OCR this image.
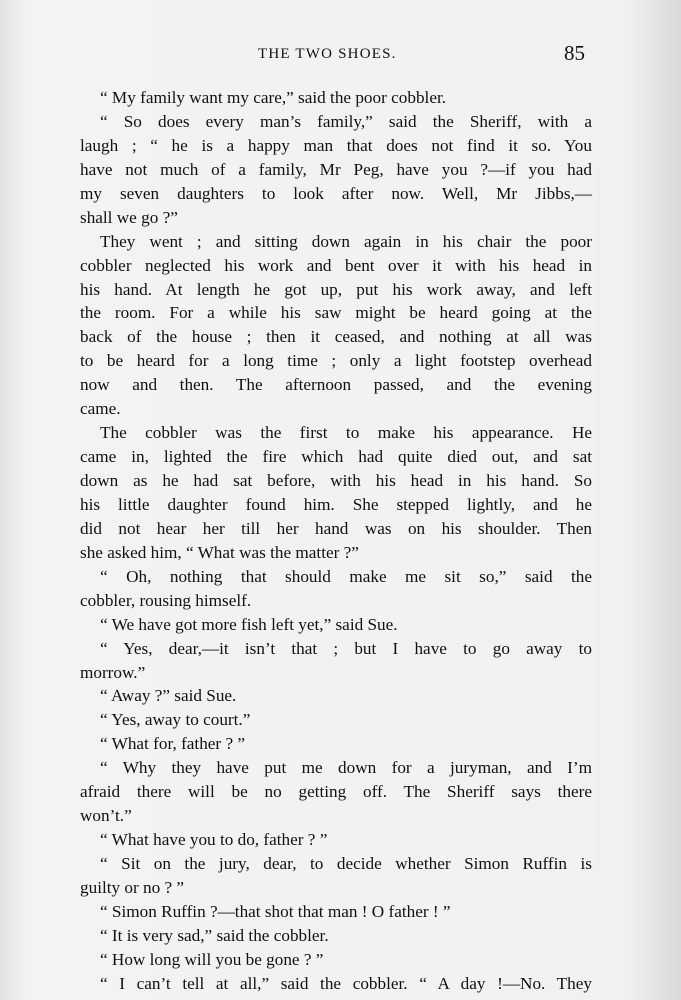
THE TWO SHOES.	85
“ My family want my care,” said the poor cobbler.
“ So does every man’s family,” said the Sheriff, with a
laugh ; “ he is a happy man that does not find it so. You
have not much of a family, Mr Peg, have you ?—if you had
my seven daughters to look after now. Well, Mr Jibbs,—
shall we go ?”
They went ; and sitting down again in his chair the poor
cobbler neglected his work and bent over it with his head in
his hand. At length he got up, put his work away, and left
the room. For a while his saw might be heard going at the
back of the house ; then it ceased, and nothing at all was
to be heard for a long time ; only a light footstep overhead
now and then. The afternoon passed, and the evening
came.
The cobbler was the first to make his appearance. He
came in, lighted the fire which had quite died out, and sat
down as he had sat before, with his head in his hand. So
his little daughter found him. She stepped lightly, and he
did not hear her till her hand was on his shoulder. Then
she asked him, “ What was the matter ?”
“ Oh, nothing that should make me sit so,” said the
cobbler, rousing himself.
“ We have got more fish left yet,” said Sue.
“ Yes, dear,—it isn’t that ; but I have to go away to
morrow.”
“ Away ?” said Sue.
“ Yes, away to court.”
“ What for, father ? ”
“ Why they have put me down for a juryman, and I’m
afraid there will be no getting off. The Sheriff says there
won’t.”
“ What have you to do, father ? ”
“ Sit on the jury, dear, to decide whether Simon Ruffin is
guilty or no ? ”
“ Simon Ruffin ?—that shot that man ! O father ! ”
“ It is very sad,” said the cobbler.
“ How long will you be gone ? ”
“ I can’t tell at all,” said the cobbler. “ A day !—No. They
